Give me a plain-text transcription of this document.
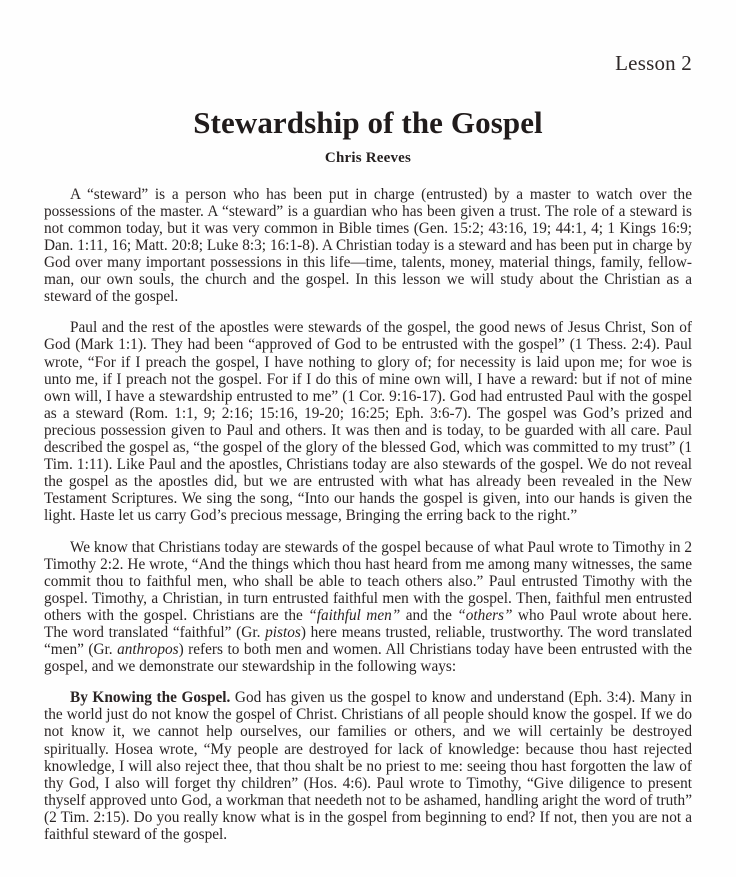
Lesson 2
Stewardship of the Gospel
Chris Reeves

A “steward” is a person who has been put in charge (entrusted) by a master to watch over the possessions of the master. A “steward” is a guardian who has been given a trust. The role of a steward is not common today, but it was very common in Bible times (Gen. 15:2; 43:16, 19; 44:1, 4; 1 Kings 16:9; Dan. 1:11, 16; Matt. 20:8; Luke 8:3; 16:1-8). A Christian today is a steward and has been put in charge by God over many important possessions in this life—time, talents, money, material things, family, fellow-man, our own souls, the church and the gospel. In this lesson we will study about the Christian as a steward of the gospel.

Paul and the rest of the apostles were stewards of the gospel, the good news of Jesus Christ, Son of God (Mark 1:1). They had been “approved of God to be entrusted with the gospel” (1 Thess. 2:4). Paul wrote, “For if I preach the gospel, I have nothing to glory of; for necessity is laid upon me; for woe is unto me, if I preach not the gospel. For if I do this of mine own will, I have a reward: but if not of mine own will, I have a stewardship entrusted to me” (1 Cor. 9:16-17). God had entrusted Paul with the gospel as a steward (Rom. 1:1, 9; 2:16; 15:16, 19-20; 16:25; Eph. 3:6-7). The gospel was God’s prized and precious possession given to Paul and others. It was then and is today, to be guarded with all care. Paul described the gospel as, “the gospel of the glory of the blessed God, which was committed to my trust” (1 Tim. 1:11). Like Paul and the apostles, Christians today are also stewards of the gospel. We do not reveal the gospel as the apostles did, but we are entrusted with what has already been revealed in the New Testament Scriptures. We sing the song, “Into our hands the gospel is given, into our hands is given the light. Haste let us carry God’s precious message, Bringing the erring back to the right.”

We know that Christians today are stewards of the gospel because of what Paul wrote to Timothy in 2 Timothy 2:2. He wrote, “And the things which thou hast heard from me among many witnesses, the same commit thou to faithful men, who shall be able to teach others also.” Paul entrusted Timothy with the gospel. Timothy, a Christian, in turn entrusted faithful men with the gospel. Then, faithful men entrusted others with the gospel. Christians are the “faithful men” and the “others” who Paul wrote about here. The word translated “faithful” (Gr. pistos) here means trusted, reliable, trustworthy. The word translated “men” (Gr. anthropos) refers to both men and women. All Christians today have been entrusted with the gospel, and we demonstrate our stewardship in the following ways:

By Knowing the Gospel. God has given us the gospel to know and understand (Eph. 3:4). Many in the world just do not know the gospel of Christ. Christians of all people should know the gospel. If we do not know it, we cannot help ourselves, our families or others, and we will certainly be destroyed spiritually. Hosea wrote, “My people are destroyed for lack of knowledge: because thou hast rejected knowledge, I will also reject thee, that thou shalt be no priest to me: seeing thou hast forgotten the law of thy God, I also will forget thy children” (Hos. 4:6). Paul wrote to Timothy, “Give diligence to present thyself approved unto God, a workman that needeth not to be ashamed, handling aright the word of truth” (2 Tim. 2:15). Do you really know what is in the gospel from beginning to end? If not, then you are not a faithful steward of the gospel.
